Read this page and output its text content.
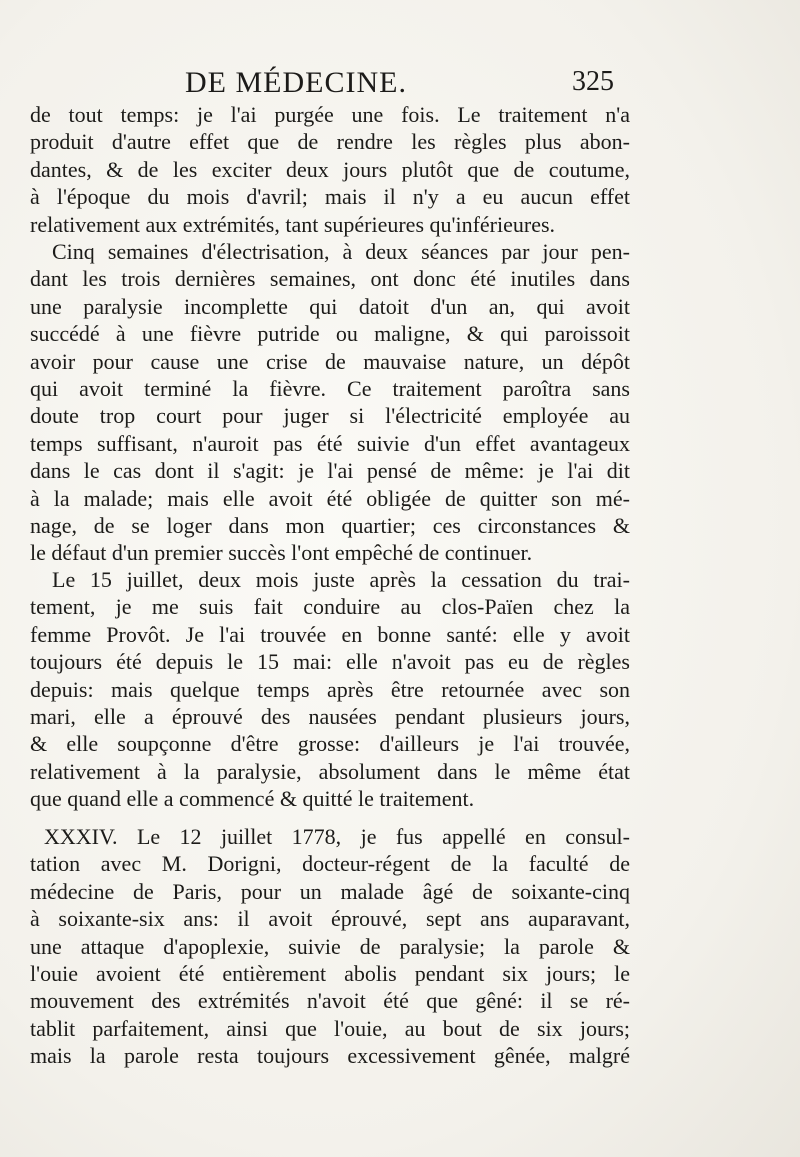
DE MÉDECINE.	325
de tout temps: je l'ai purgée une fois. Le traitement n'a
produit d'autre effet que de rendre les règles plus abon-
dantes, & de les exciter deux jours plutôt que de coutume,
à l'époque du mois d'avril; mais il n'y a eu aucun effet
relativement aux extrémités, tant supérieures qu'inférieures.
Cinq semaines d'électrisation, à deux séances par jour pen-
dant les trois dernières semaines, ont donc été inutiles dans
une paralysie incomplette qui datoit d'un an, qui avoit
succédé à une fièvre putride ou maligne, & qui paroissoit
avoir pour cause une crise de mauvaise nature, un dépôt
qui avoit terminé la fièvre. Ce traitement paroîtra sans
doute trop court pour juger si l'électricité employée au
temps suffisant, n'auroit pas été suivie d'un effet avantageux
dans le cas dont il s'agit: je l'ai pensé de même: je l'ai dit
à la malade; mais elle avoit été obligée de quitter son mé-
nage, de se loger dans mon quartier; ces circonstances &
le défaut d'un premier succès l'ont empêché de continuer.
Le 15 juillet, deux mois juste après la cessation du trai-
tement, je me suis fait conduire au clos-Païen chez la
femme Provôt. Je l'ai trouvée en bonne santé: elle y avoit
toujours été depuis le 15 mai: elle n'avoit pas eu de règles
depuis: mais quelque temps après être retournée avec son
mari, elle a éprouvé des nausées pendant plusieurs jours,
& elle soupçonne d'être grosse: d'ailleurs je l'ai trouvée,
relativement à la paralysie, absolument dans le même état
que quand elle a commencé & quitté le traitement.
XXXIV. Le 12 juillet 1778, je fus appellé en consul-
tation avec M. Dorigni, docteur-régent de la faculté de
médecine de Paris, pour un malade âgé de soixante-cinq
à soixante-six ans: il avoit éprouvé, sept ans auparavant,
une attaque d'apoplexie, suivie de paralysie; la parole &
l'ouie avoient été entièrement abolis pendant six jours; le
mouvement des extrémités n'avoit été que gêné: il se ré-
tablit parfaitement, ainsi que l'ouie, au bout de six jours;
mais la parole resta toujours excessivement gênée, malgré
